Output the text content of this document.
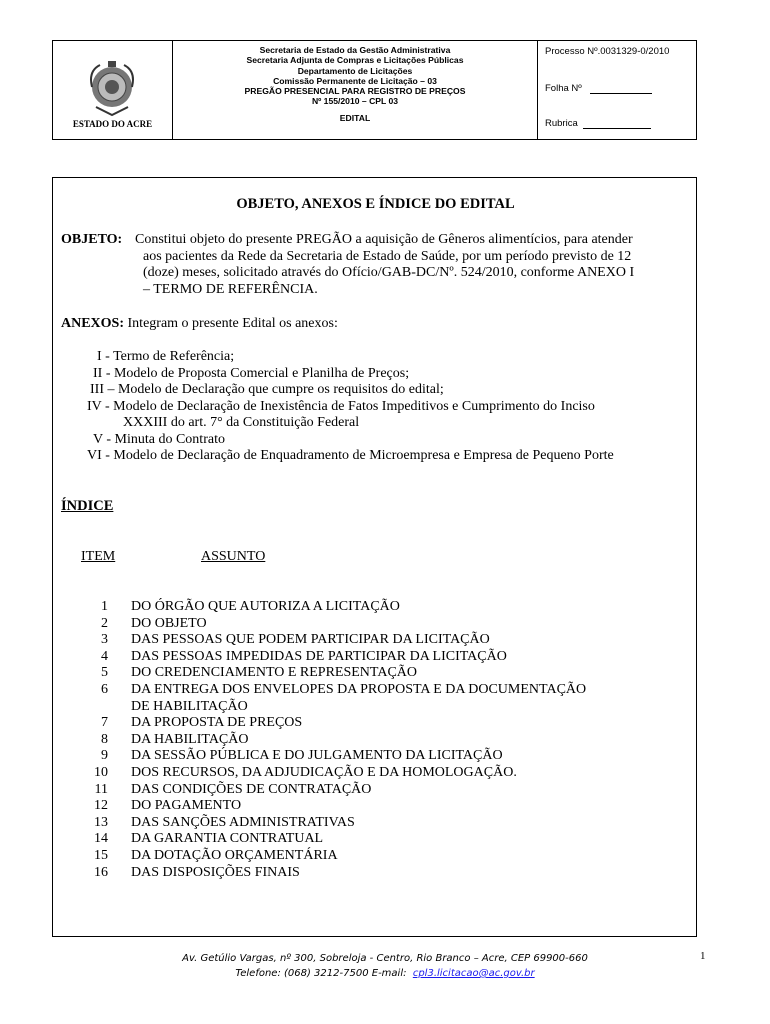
ESTADO DO ACRE
Secretaria de Estado da Gestão Administrativa
Secretaria Adjunta de Compras e Licitações Públicas
Departamento de Licitações
Comissão Permanente de Licitação – 03
PREGÃO PRESENCIAL PARA REGISTRO DE PREÇOS
Nº 155/2010 – CPL 03
EDITAL
Processo Nº.0031329-0/2010
Folha Nº
Rubrica
OBJETO, ANEXOS E ÍNDICE DO EDITAL
OBJETO: Constitui objeto do presente PREGÃO a aquisição de Gêneros alimentícios, para atender
aos pacientes da Rede da Secretaria de Estado de Saúde, por um período previsto de 12
(doze) meses, solicitado através do Ofício/GAB-DC/Nº. 524/2010, conforme ANEXO I
– TERMO DE REFERÊNCIA.
ANEXOS: Integram o presente Edital os anexos:
I - Termo de Referência;
II - Modelo de Proposta Comercial e Planilha de Preços;
III – Modelo de Declaração que cumpre os requisitos do edital;
IV - Modelo de Declaração de Inexistência de Fatos Impeditivos e Cumprimento do Inciso
XXXIII do art. 7° da Constituição Federal
V - Minuta do Contrato
VI - Modelo de Declaração de Enquadramento de Microempresa e Empresa de Pequeno Porte
ÍNDICE
ITEM	ASSUNTO
1 DO ÓRGÃO QUE AUTORIZA A LICITAÇÃO
2 DO OBJETO
3 DAS PESSOAS QUE PODEM PARTICIPAR DA LICITAÇÃO
4 DAS PESSOAS IMPEDIDAS DE PARTICIPAR DA LICITAÇÃO
5 DO CREDENCIAMENTO E REPRESENTAÇÃO
6 DA ENTREGA DOS ENVELOPES DA PROPOSTA E DA DOCUMENTAÇÃO
DE HABILITAÇÃO
7 DA PROPOSTA DE PREÇOS
8 DA HABILITAÇÃO
9 DA SESSÃO PÚBLICA E DO JULGAMENTO DA LICITAÇÃO
10 DOS RECURSOS, DA ADJUDICAÇÃO E DA HOMOLOGAÇÃO.
11 DAS CONDIÇÕES DE CONTRATAÇÃO
12 DO PAGAMENTO
13 DAS SANÇÕES ADMINISTRATIVAS
14 DA GARANTIA CONTRATUAL
15 DA DOTAÇÃO ORÇAMENTÁRIA
16 DAS DISPOSIÇÕES FINAIS
Av. Getúlio Vargas, nº 300, Sobreloja - Centro, Rio Branco – Acre, CEP 69900-660
Telefone: (068) 3212-7500 E-mail: cpl3.licitacao@ac.gov.br
1
